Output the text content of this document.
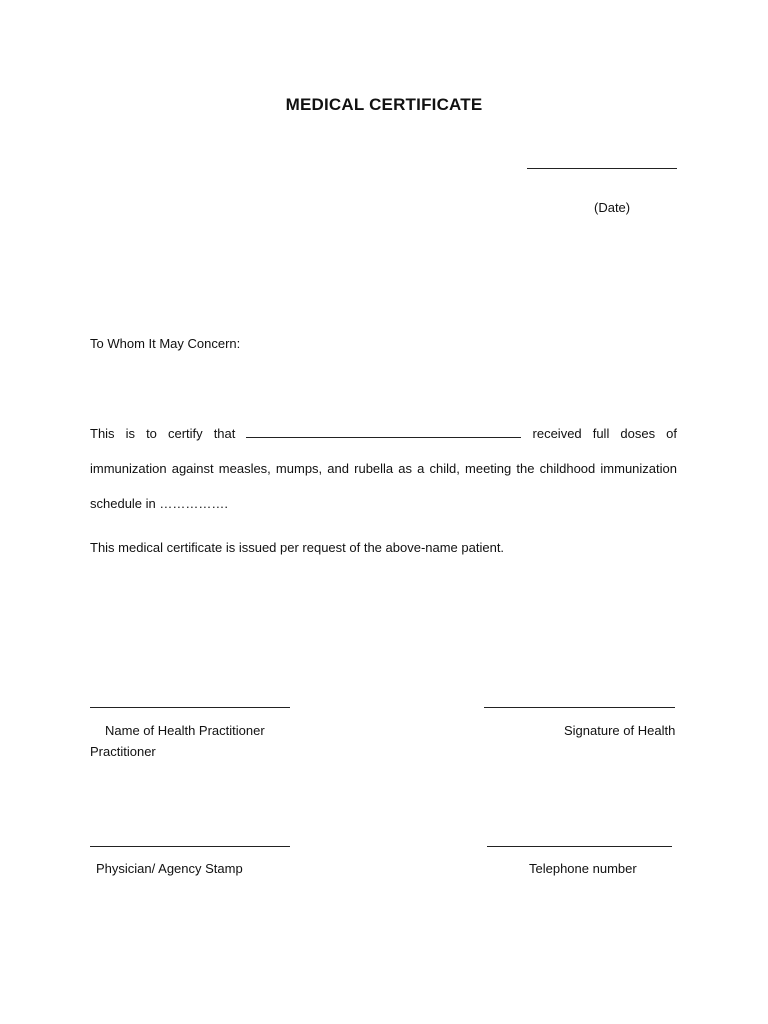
MEDICAL CERTIFICATE
(Date)
To Whom It May Concern:
This is to certify that	received full doses of
immunization against measles, mumps, and rubella as a child, meeting the childhood immunization
schedule in …………….
This medical certificate is issued per request of the above-name patient.
Name of Health Practitioner
Practitioner
Signature of Health
Physician/ Agency Stamp	Telephone number
